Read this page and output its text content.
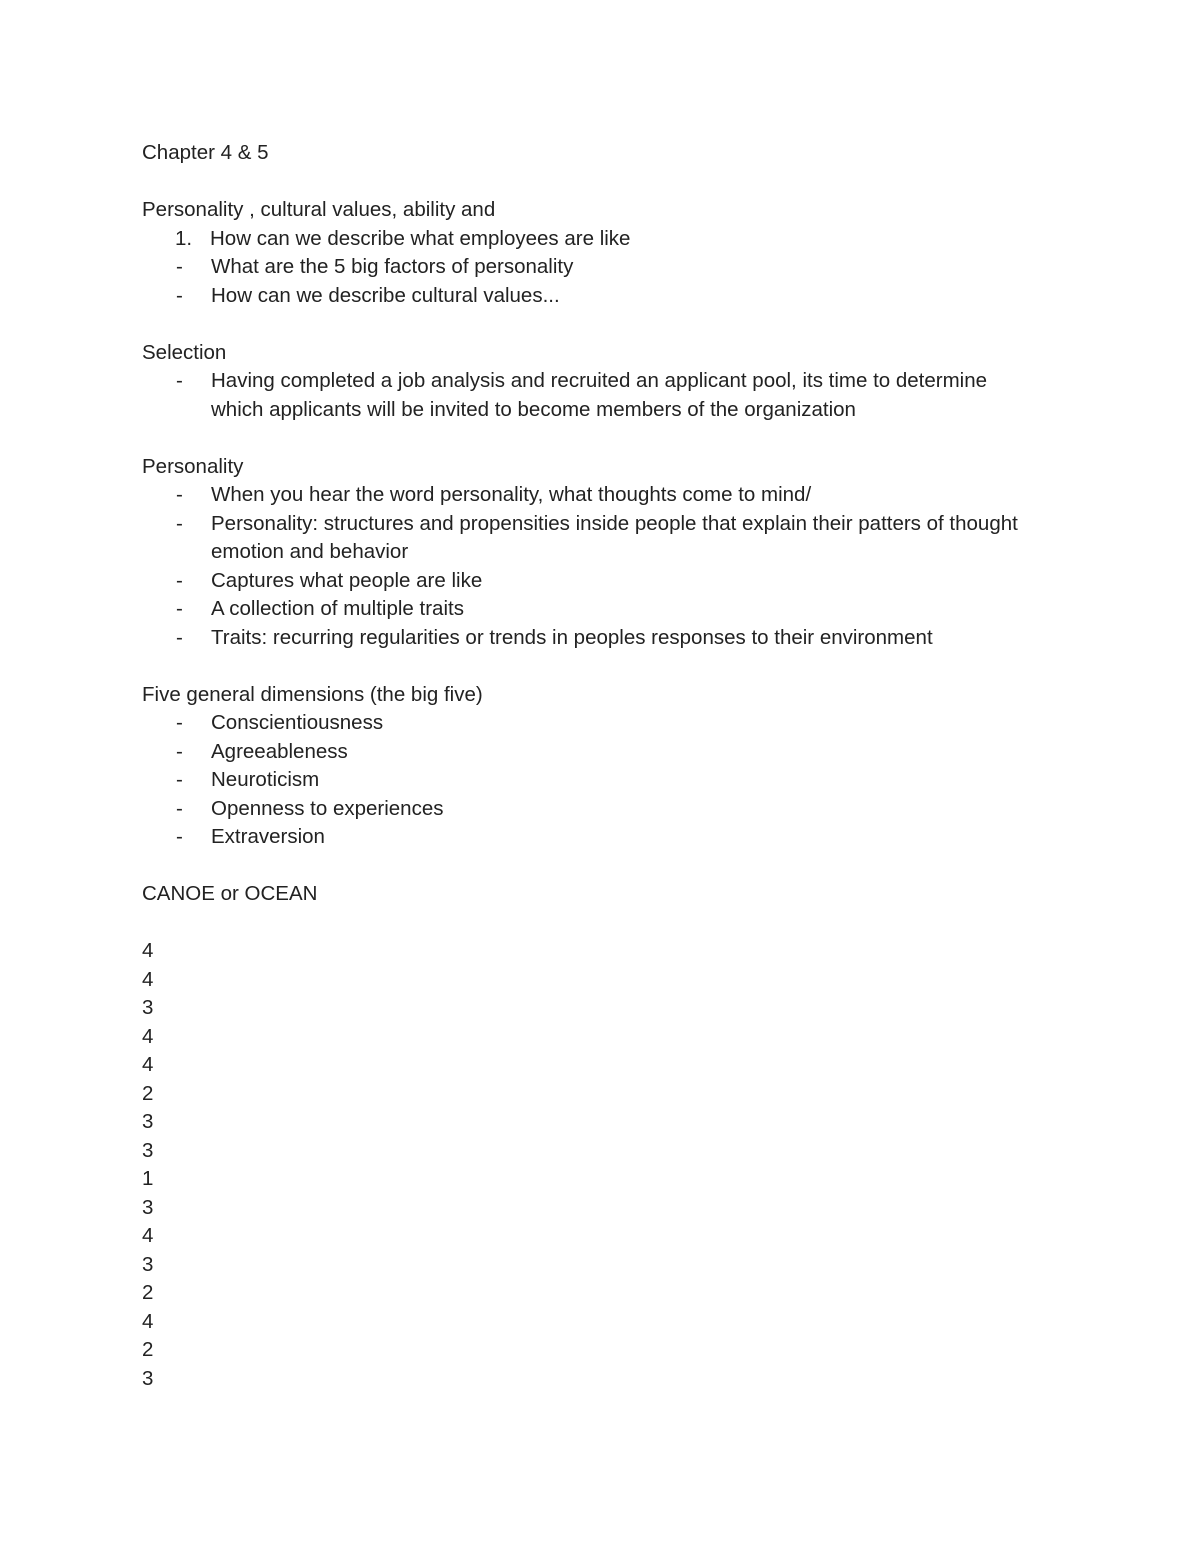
Chapter 4 & 5

Personality , cultural values, ability and

1. How can we describe what employees are like
-	What are the 5 big factors of personality
-	How can we describe cultural values...

Selection

-	Having completed a job analysis and recruited an applicant pool, its time to determine which applicants will be invited to become members of the organization

Personality

-	When you hear the word personality, what thoughts come to mind/
-	Personality: structures and propensities inside people that explain their patters of thought emotion and behavior
-	Captures what people are like
-	A collection of multiple traits
-	Traits: recurring regularities or trends in peoples responses to their environment

Five general dimensions (the big five)

-	Conscientiousness
-	Agreeableness
-	Neuroticism
-	Openness to experiences
-	Extraversion

CANOE or OCEAN

4

4

3

4

4

2

3

3

1

3

4

3

2

4

2

3
